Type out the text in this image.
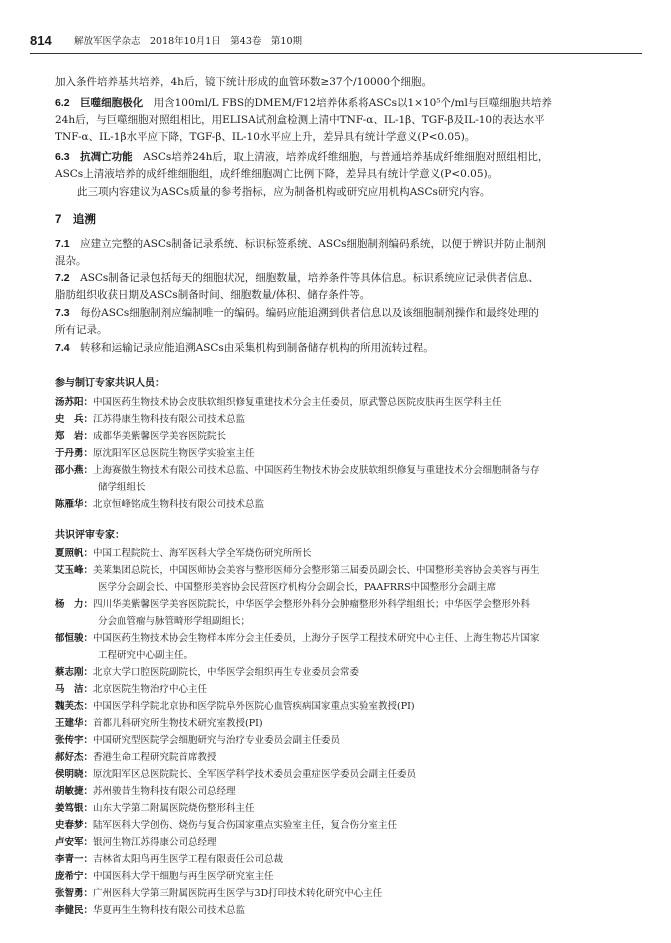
814 解放军医学杂志　2018年10月1日　第43卷　第10期
加入条件培养基共培养，4h后，镜下统计形成的血管环数≥37个/10000个细胞。
6.2　 巨噬细胞极化　 用含100ml/L FBS的DMEM/F12培养体系将ASCs以1×10⁵个/ml与巨噬细胞共培养
24h后，与巨噬细胞对照组相比，用ELISA试剂盒检测上清中TNF-α、IL-1β、TGF-β及IL-10的表达水平
TNF-α、IL-1β水平应下降，TGF-β、IL-10水平应上升，差异具有统计学意义(P<0.05)。
6.3　 抗凋亡功能　 ASCs培养24h后，取上清液，培养成纤维细胞，与普通培养基成纤维细胞对照组相比，
ASCs上清液培养的成纤维细胞组，成纤维细胞凋亡比例下降，差异具有统计学意义(P<0.05)。
此三项内容建议为ASCs质量的参考指标，应为制备机构或研究应用机构ASCs研究内容。
7　追溯
7.1　 应建立完整的ASCs制备记录系统、标识标签系统、ASCs细胞制剂编码系统，以便于辨识并防止制剂
混杂。
7.2　 ASCs制备记录包括每天的细胞状况，细胞数量，培养条件等具体信息。标识系统应记录供者信息、
脂肪组织收获日期及ASCs制备时间、细胞数量/体积、储存条件等。
7.3　 每份ASCs细胞制剂应编制唯一的编码。编码应能追溯到供者信息以及该细胞制剂操作和最终处理的
所有记录。
7.4　 转移和运输记录应能追溯ASCs由采集机构到制备储存机构的所用流转过程。
参与制订专家共识人员：
汤苏阳：中国医药生物技术协会皮肤软组织修复重建技术分会主任委员，原武警总医院皮肤再生医学科主任
史　兵：江苏得康生物科技有限公司技术总监
郑　岩：成都华美紫馨医学美容医院院长
于丹勇：原沈阳军区总医院生物医学实验室主任
邵小燕：上海赛傲生物技术有限公司技术总监、中国医药生物技术协会皮肤软组织修复与重建技术分会细胞制备与存
储学组组长
陈雁华：北京恒峰铭成生物科技有限公司技术总监
共识评审专家：
夏照帆：中国工程院院士、海军医科大学全军烧伤研究所所长
艾玉峰：美莱集团总院长，中国医师协会美容与整形医师分会整形第三届委员副会长、中国整形美容协会美容与再生
医学分会副会长、中国整形美容协会民营医疗机构分会副会长，PAAFRRS中国整形分会副主席
杨　力：四川华美紫馨医学美容医院院长，中华医学会整形外科分会肿瘤整形外科学组组长；中华医学会整形外科
分会血管瘤与脉管畸形学组副组长；
郁恒骏：中国医药生物技术协会生物样本库分会主任委员，上海分子医学工程技术研究中心主任、上海生物芯片国家
工程研究中心副主任。
蔡志刚：北京大学口腔医院副院长，中华医学会组织再生专业委员会常委
马　洁：北京医院生物治疗中心主任
魏芙杰：中国医学科学院北京协和医学院阜外医院心血管疾病国家重点实验室教授(PI)
王建华：首都儿科研究所生物技术研究室教授(PI)
张传宇：中国研究型医院学会细胞研究与治疗专业委员会副主任委员
郝好杰：香港生命工程研究院首席教授
侯明晓：原沈阳军区总医院院长、全军医学科学技术委员会重症医学委员会副主任委员
胡敏捷：苏州骏昔生物科技有限公司总经理
姜笃银：山东大学第二附属医院烧伤整形科主任
史春梦：陆军医科大学创伤、烧伤与复合伤国家重点实验室主任，复合伤分室主任
卢安军：银河生物江苏得康公司总经理
李青一：吉林省太阳鸟再生医学工程有限责任公司总裁
庞希宁：中国医科大学干细胞与再生医学研究室主任
张智勇：广州医科大学第三附属医院再生医学与3D打印技术转化研究中心主任
李健民：华夏再生生物科技有限公司技术总监
